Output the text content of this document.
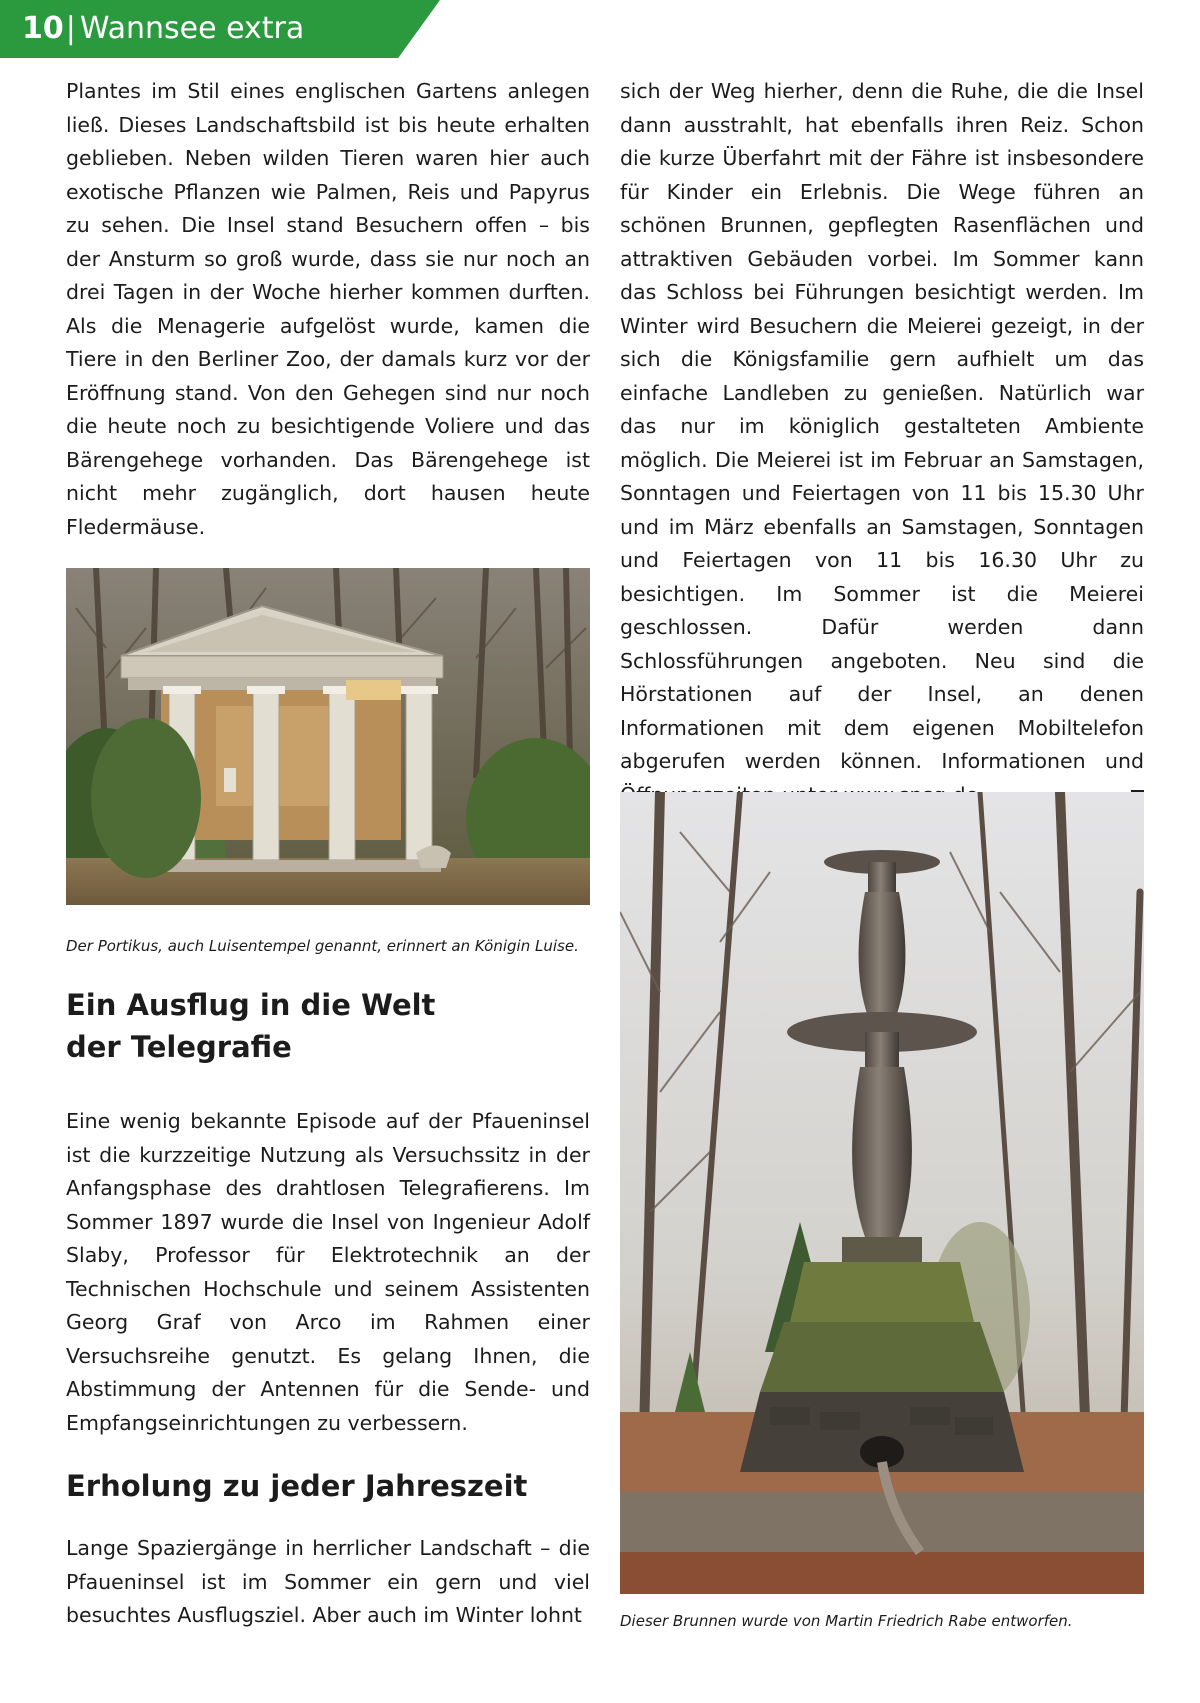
10| Wannsee extra

Plantes im Stil eines englischen Gartens anlegen ließ. Dieses Landschaftsbild ist bis heute erhalten geblieben. Neben wilden Tieren waren hier auch exotische Pflanzen wie Palmen, Reis und Papyrus zu sehen. Die Insel stand Besuchern offen – bis der Ansturm so groß wurde, dass sie nur noch an drei Tagen in der Woche hierher kommen durften. Als die Menagerie aufgelöst wurde, kamen die Tiere in den Berliner Zoo, der damals kurz vor der Eröffnung stand. Von den Gehegen sind nur noch die heute noch zu besichtigende Voliere und das Bärengehege vorhanden. Das Bärengehege ist nicht mehr zugänglich, dort hausen heute Fledermäuse.

Der Portikus, auch Luisentempel genannt, erinnert an Königin Luise.

Ein Ausflug in die Welt der Telegrafie

Eine wenig bekannte Episode auf der Pfaueninsel ist die kurzzeitige Nutzung als Versuchssitz in der Anfangsphase des drahtlosen Telegrafierens. Im Sommer 1897 wurde die Insel von Ingenieur Adolf Slaby, Professor für Elektrotechnik an der Technischen Hochschule und seinem Assistenten Georg Graf von Arco im Rahmen einer Versuchsreihe genutzt. Es gelang Ihnen, die Abstimmung der Antennen für die Sende- und Empfangseinrichtungen zu verbessern.

Erholung zu jeder Jahreszeit

Lange Spaziergänge in herrlicher Landschaft – die Pfaueninsel ist im Sommer ein gern und viel besuchtes Ausflugsziel. Aber auch im Winter lohnt

sich der Weg hierher, denn die Ruhe, die die Insel dann ausstrahlt, hat ebenfalls ihren Reiz. Schon die kurze Überfahrt mit der Fähre ist insbesondere für Kinder ein Erlebnis. Die Wege führen an schönen Brunnen, gepflegten Rasenflächen und attraktiven Gebäuden vorbei. Im Sommer kann das Schloss bei Führungen besichtigt werden. Im Winter wird Besuchern die Meierei gezeigt, in der sich die Königsfamilie gern aufhielt um das einfache Landleben zu genießen. Natürlich war das nur im königlich gestalteten Ambiente möglich. Die Meierei ist im Februar an Samstagen, Sonntagen und Feiertagen von 11 bis 15.30 Uhr und im März ebenfalls an Samstagen, Sonntagen und Feiertagen von 11 bis 16.30 Uhr zu besichtigen. Im Sommer ist die Meierei geschlossen. Dafür werden dann Schlossführungen angeboten. Neu sind die Hörstationen auf der Insel, an denen Informationen mit dem eigenen Mobiltelefon abgerufen werden können. Informationen und

Dieser Brunnen wurde von Martin Friedrich Rabe entworfen.
